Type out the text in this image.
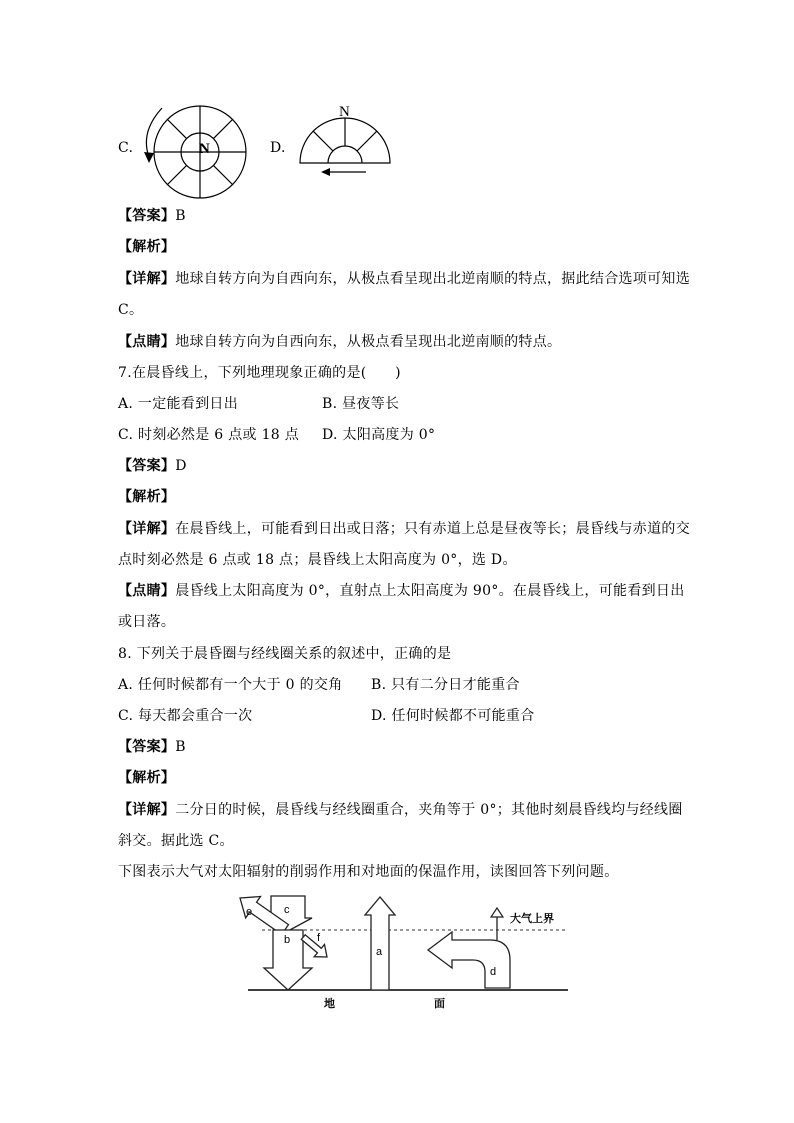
C.	N	D.
N
【答案】B
【解析】
【详解】地球自转方向为自西向东，从极点看呈现出北逆南顺的特点，据此结合选项可知选
C。
【点睛】地球自转方向为自西向东，从极点看呈现出北逆南顺的特点。
7.在晨昏线上，下列地理现象正确的是(　　)
A. 一定能看到日出	B. 昼夜等长
C. 时刻必然是 6 点或 18 点 D. 太阳高度为 0°
【答案】D
【解析】
【详解】在晨昏线上，可能看到日出或日落；只有赤道上总是昼夜等长；晨昏线与赤道的交
点时刻必然是 6 点或 18 点；晨昏线上太阳高度为 0°，选 D。
【点睛】晨昏线上太阳高度为 0°，直射点上太阳高度为 90°。在晨昏线上，可能看到日出
或日落。
8. 下列关于晨昏圈与经线圈关系的叙述中，正确的是
A. 任何时候都有一个大于 0 的交角 B. 只有二分日才能重合
C. 每天都会重合一次	D. 任何时候都不可能重合
【答案】B
【解析】
【详解】二分日的时候，晨昏线与经线圈重合，夹角等于 0°；其他时刻晨昏线均与经线圈
斜交。据此选 C。
下图表示大气对太阳辐射的削弱作用和对地面的保温作用，读图回答下列问题。
大气上界
地	面
c
e
b f
a
d
